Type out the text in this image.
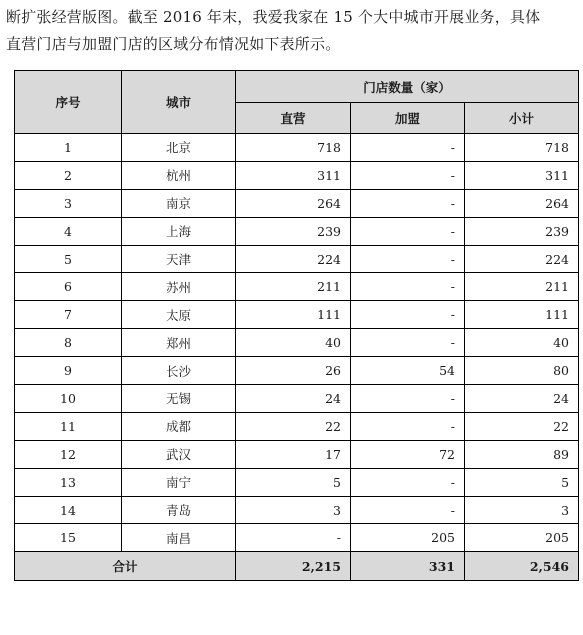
断扩张经营版图。截至 2016 年末，我爱我家在 15 个大中城市开展业务，具体

直营门店与加盟门店的区域分布情况如下表所示。

序号	城市	门店数量（家）		
		直营	加盟	小计
1	北京	718	-	718
2	杭州	311	-	311
3	南京	264	-	264
4	上海	239	-	239
5	天津	224	-	224
6	苏州	211	-	211
7	太原	111	-	111
8	郑州	40	-	40
9	长沙	26	54	80
10	无锡	24	-	24
11	成都	22	-	22
12	武汉	17	72	89
13	南宁	5	-	5
14	青岛	3	-	3
15	南昌	-	205	205
合计		2,215	331	2,546
